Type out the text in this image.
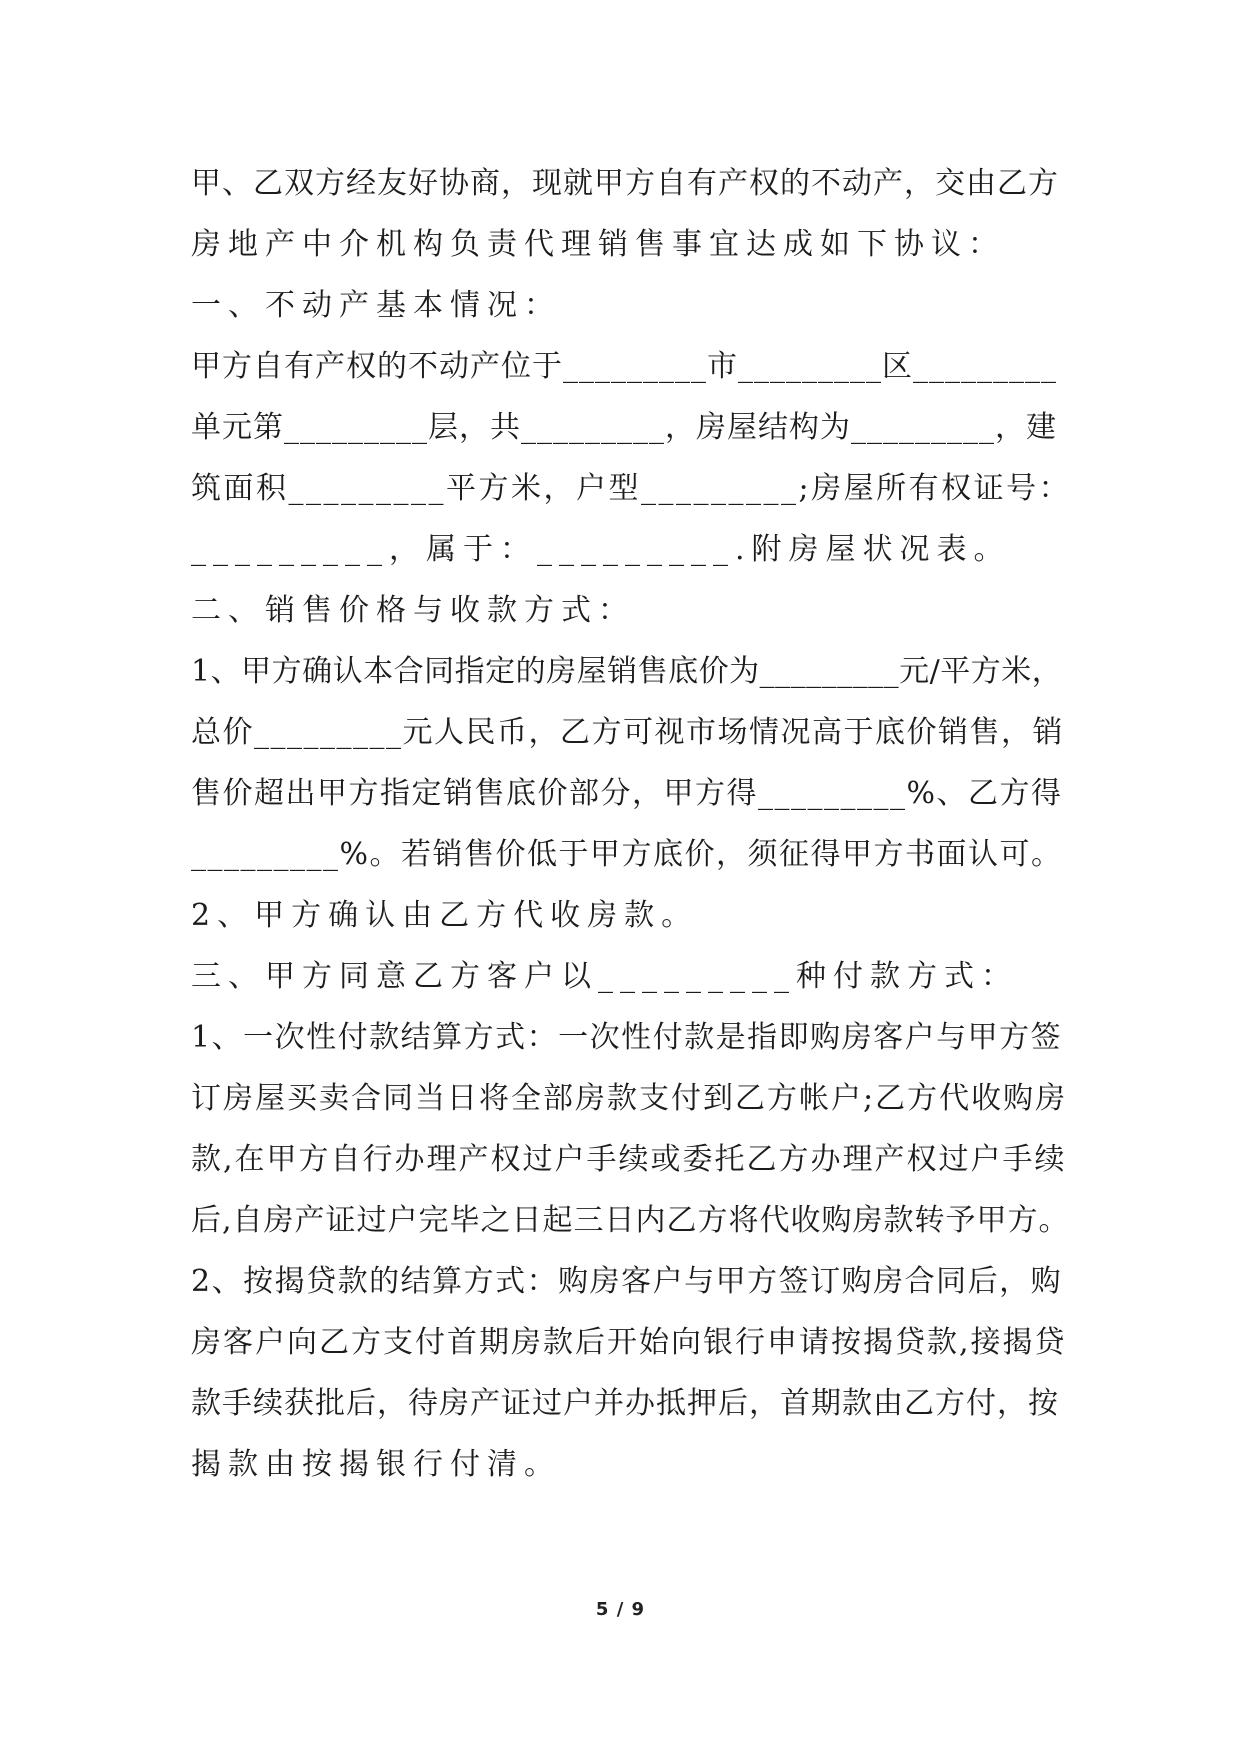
甲、乙双方经友好协商，现就甲方自有产权的不动产，交由乙方
房地产中介机构负责代理销售事宜达成如下协议：
一、不动产基本情况：
甲方自有产权的不动产位于_________市_________区_________
单元第_________层，共_________，房屋结构为_________，建
筑面积_________平方米，户型_________;房屋所有权证号：
_________，属于：_________.附房屋状况表。
二、销售价格与收款方式：
1、甲方确认本合同指定的房屋销售底价为_________元/平方米，
总价_________元人民币，乙方可视市场情况高于底价销售，销
售价超出甲方指定销售底价部分，甲方得_________%、乙方得
_________%。若销售价低于甲方底价，须征得甲方书面认可。
2、甲方确认由乙方代收房款。
三、甲方同意乙方客户以_________种付款方式：
1、一次性付款结算方式：一次性付款是指即购房客户与甲方签
订房屋买卖合同当日将全部房款支付到乙方帐户;乙方代收购房
款,在甲方自行办理产权过户手续或委托乙方办理产权过户手续
后,自房产证过户完毕之日起三日内乙方将代收购房款转予甲方。
2、按揭贷款的结算方式：购房客户与甲方签订购房合同后，购
房客户向乙方支付首期房款后开始向银行申请按揭贷款,接揭贷
款手续获批后，待房产证过户并办抵押后，首期款由乙方付，按
揭款由按揭银行付清。
5 / 9
